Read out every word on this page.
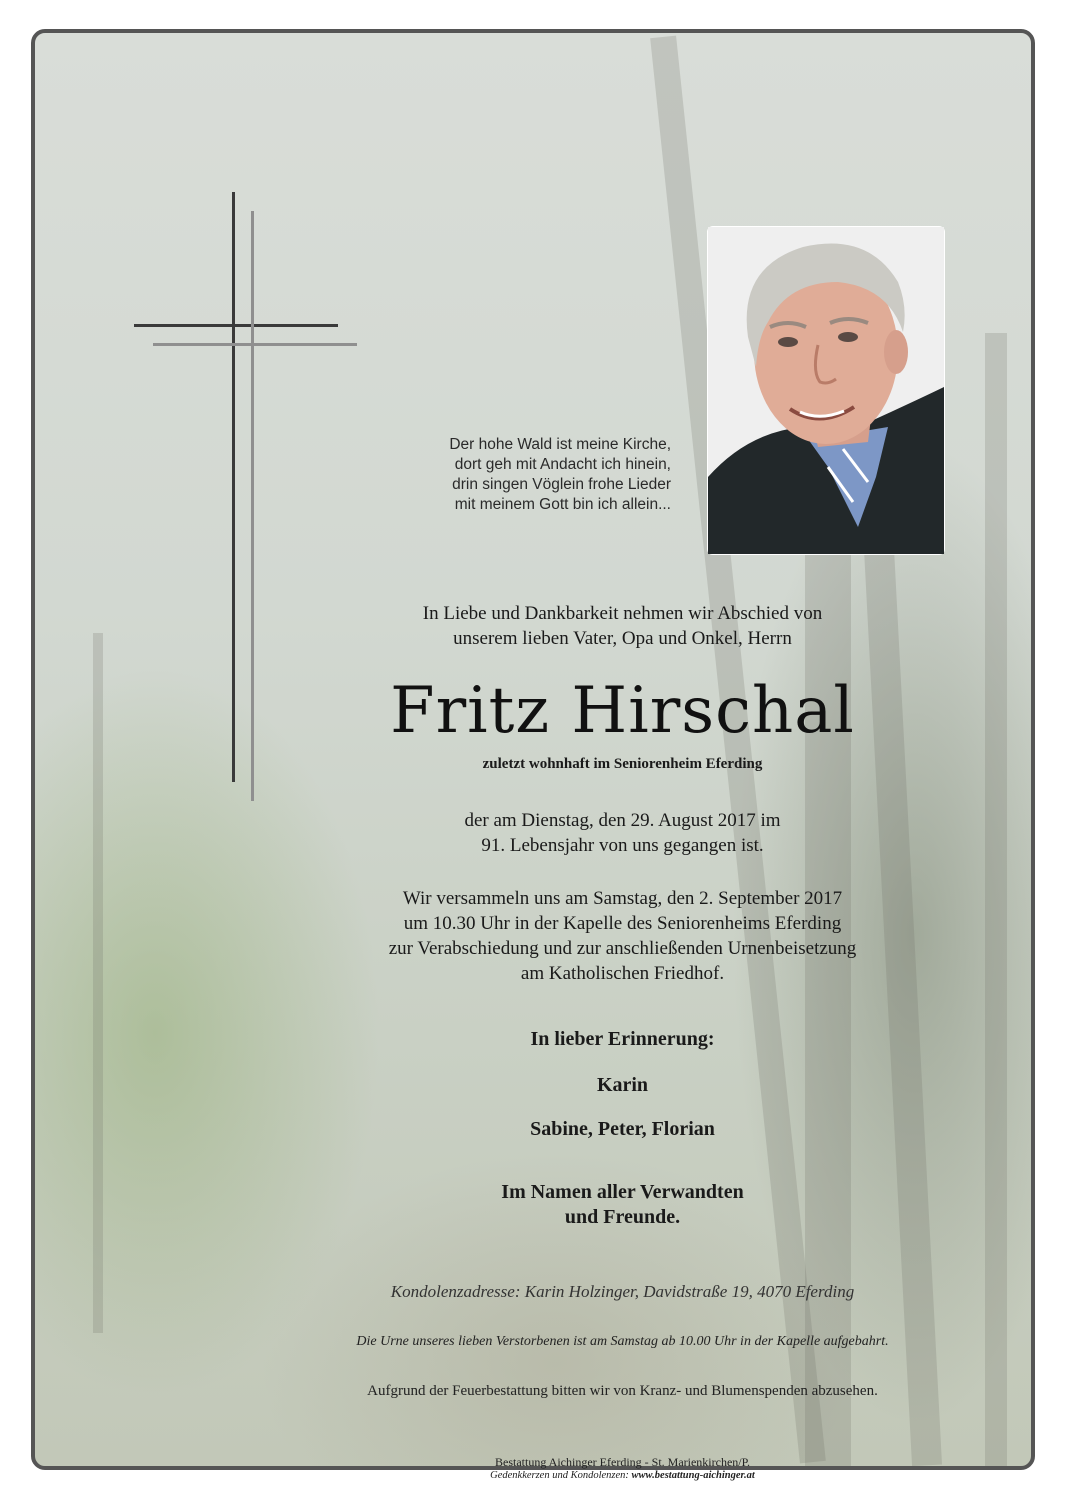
Der hohe Wald ist meine Kirche,
dort geh mit Andacht ich hinein,
drin singen Vöglein frohe Lieder
mit meinem Gott bin ich allein...
In Liebe und Dankbarkeit nehmen wir Abschied von
unserem lieben Vater, Opa und Onkel, Herrn
Fritz Hirschal
zuletzt wohnhaft im Seniorenheim Eferding
der am Dienstag, den 29. August 2017 im
91. Lebensjahr von uns gegangen ist.
Wir versammeln uns am Samstag, den 2. September 2017
um 10.30 Uhr in der Kapelle des Seniorenheims Eferding
zur Verabschiedung und zur anschließenden Urnenbeisetzung
am Katholischen Friedhof.
In lieber Erinnerung:
Karin
Sabine, Peter, Florian
Im Namen aller Verwandten
und Freunde.
Kondolenzadresse: Karin Holzinger, Davidstraße 19, 4070 Eferding
Die Urne unseres lieben Verstorbenen ist am Samstag ab 10.00 Uhr in der Kapelle aufgebahrt.
Aufgrund der Feuerbestattung bitten wir von Kranz- und Blumenspenden abzusehen.
Bestattung Aichinger Eferding - St. Marienkirchen/P.
Gedenkkerzen und Kondolenzen: www.bestattung-aichinger.at
